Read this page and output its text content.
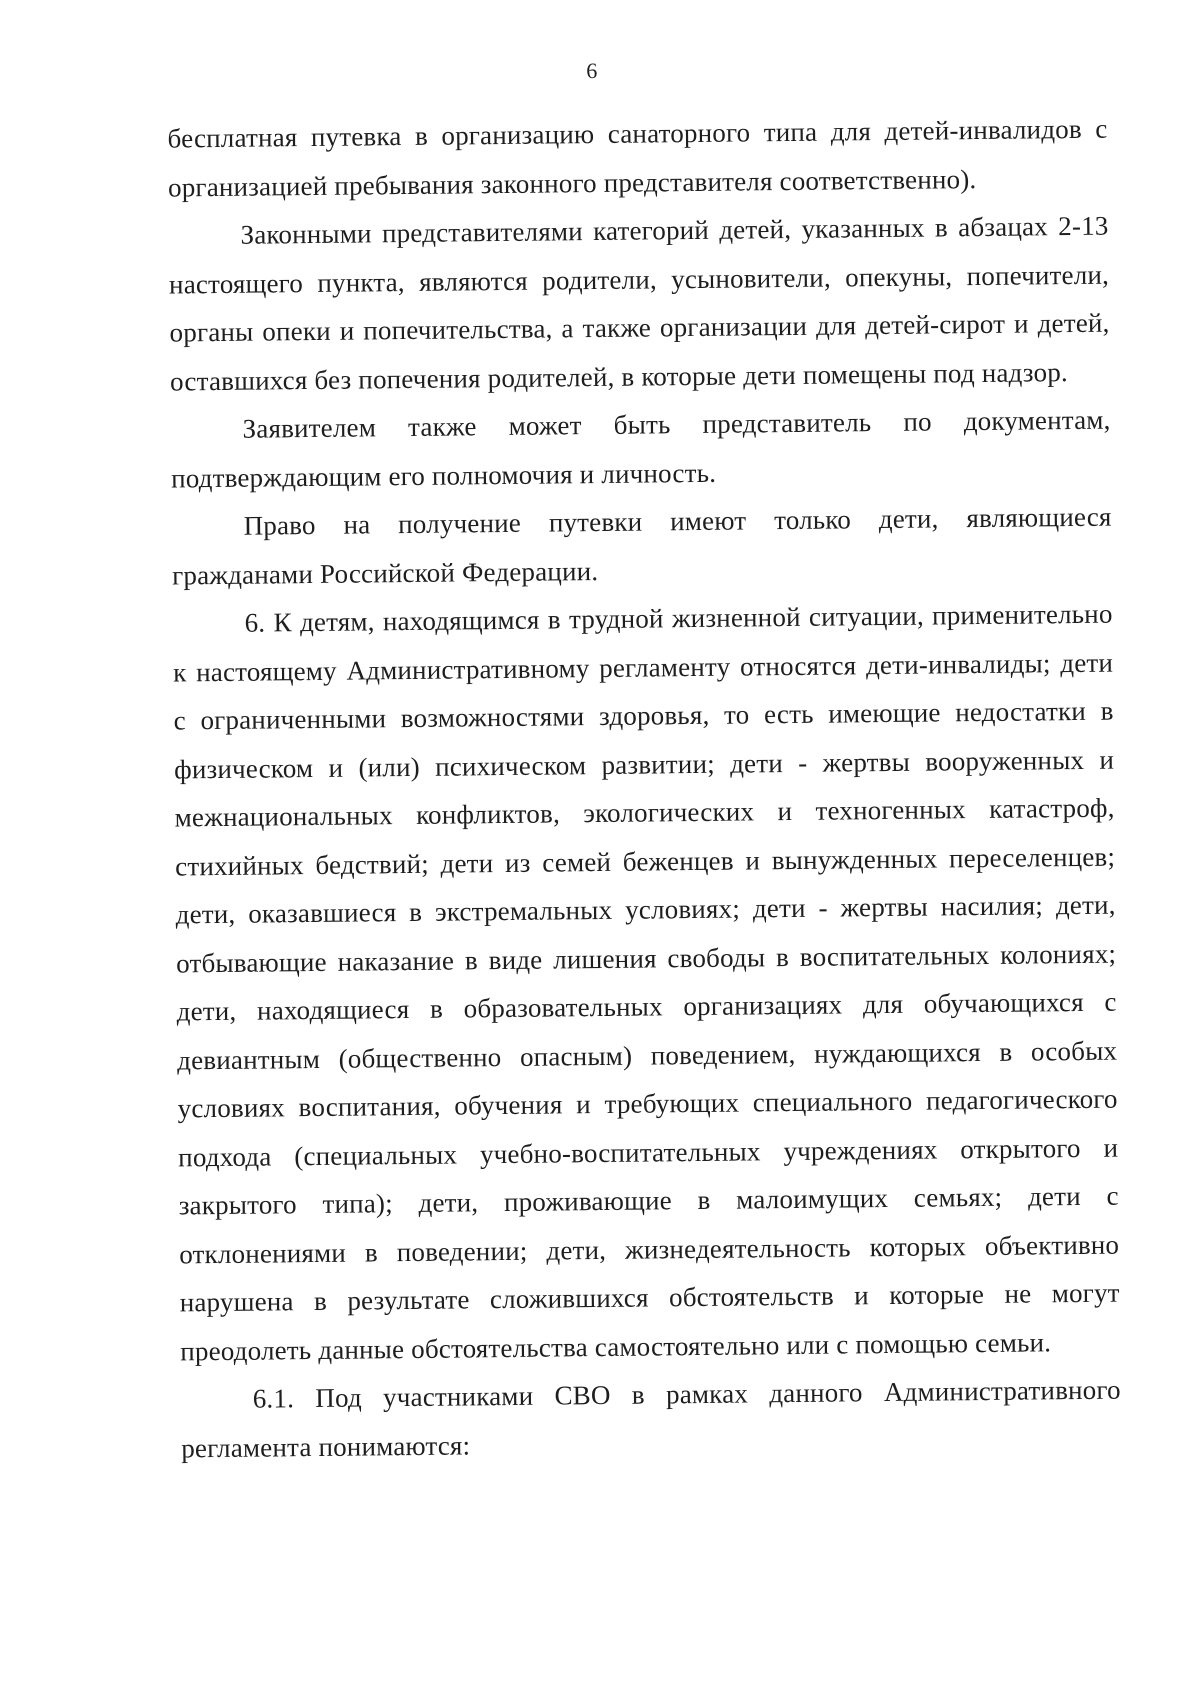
6

бесплатная путевка в организацию санаторного типа для детей-инвалидов с организацией пребывания законного представителя соответственно).

Законными представителями категорий детей, указанных в абзацах 2-13 настоящего пункта, являются родители, усыновители, опекуны, попечители, органы опеки и попечительства, а также организации для детей-сирот и детей, оставшихся без попечения родителей, в которые дети помещены под надзор.

Заявителем также может быть представитель по документам, подтверждающим его полномочия и личность.

Право на получение путевки имеют только дети, являющиеся гражданами Российской Федерации.

6. К детям, находящимся в трудной жизненной ситуации, применительно к настоящему Административному регламенту относятся дети-инвалиды; дети с ограниченными возможностями здоровья, то есть имеющие недостатки в физическом и (или) психическом развитии; дети - жертвы вооруженных и межнациональных конфликтов, экологических и техногенных катастроф, стихийных бедствий; дети из семей беженцев и вынужденных переселенцев; дети, оказавшиеся в экстремальных условиях; дети - жертвы насилия; дети, отбывающие наказание в виде лишения свободы в воспитательных колониях; дети, находящиеся в образовательных организациях для обучающихся с девиантным (общественно опасным) поведением, нуждающихся в особых условиях воспитания, обучения и требующих специального педагогического подхода (специальных учебно-воспитательных учреждениях открытого и закрытого типа); дети, проживающие в малоимущих семьях; дети с отклонениями в поведении; дети, жизнедеятельность которых объективно нарушена в результате сложившихся обстоятельств и которые не могут преодолеть данные обстоятельства самостоятельно или с помощью семьи.

6.1. Под участниками СВО в рамках данного Административного регламента понимаются:
